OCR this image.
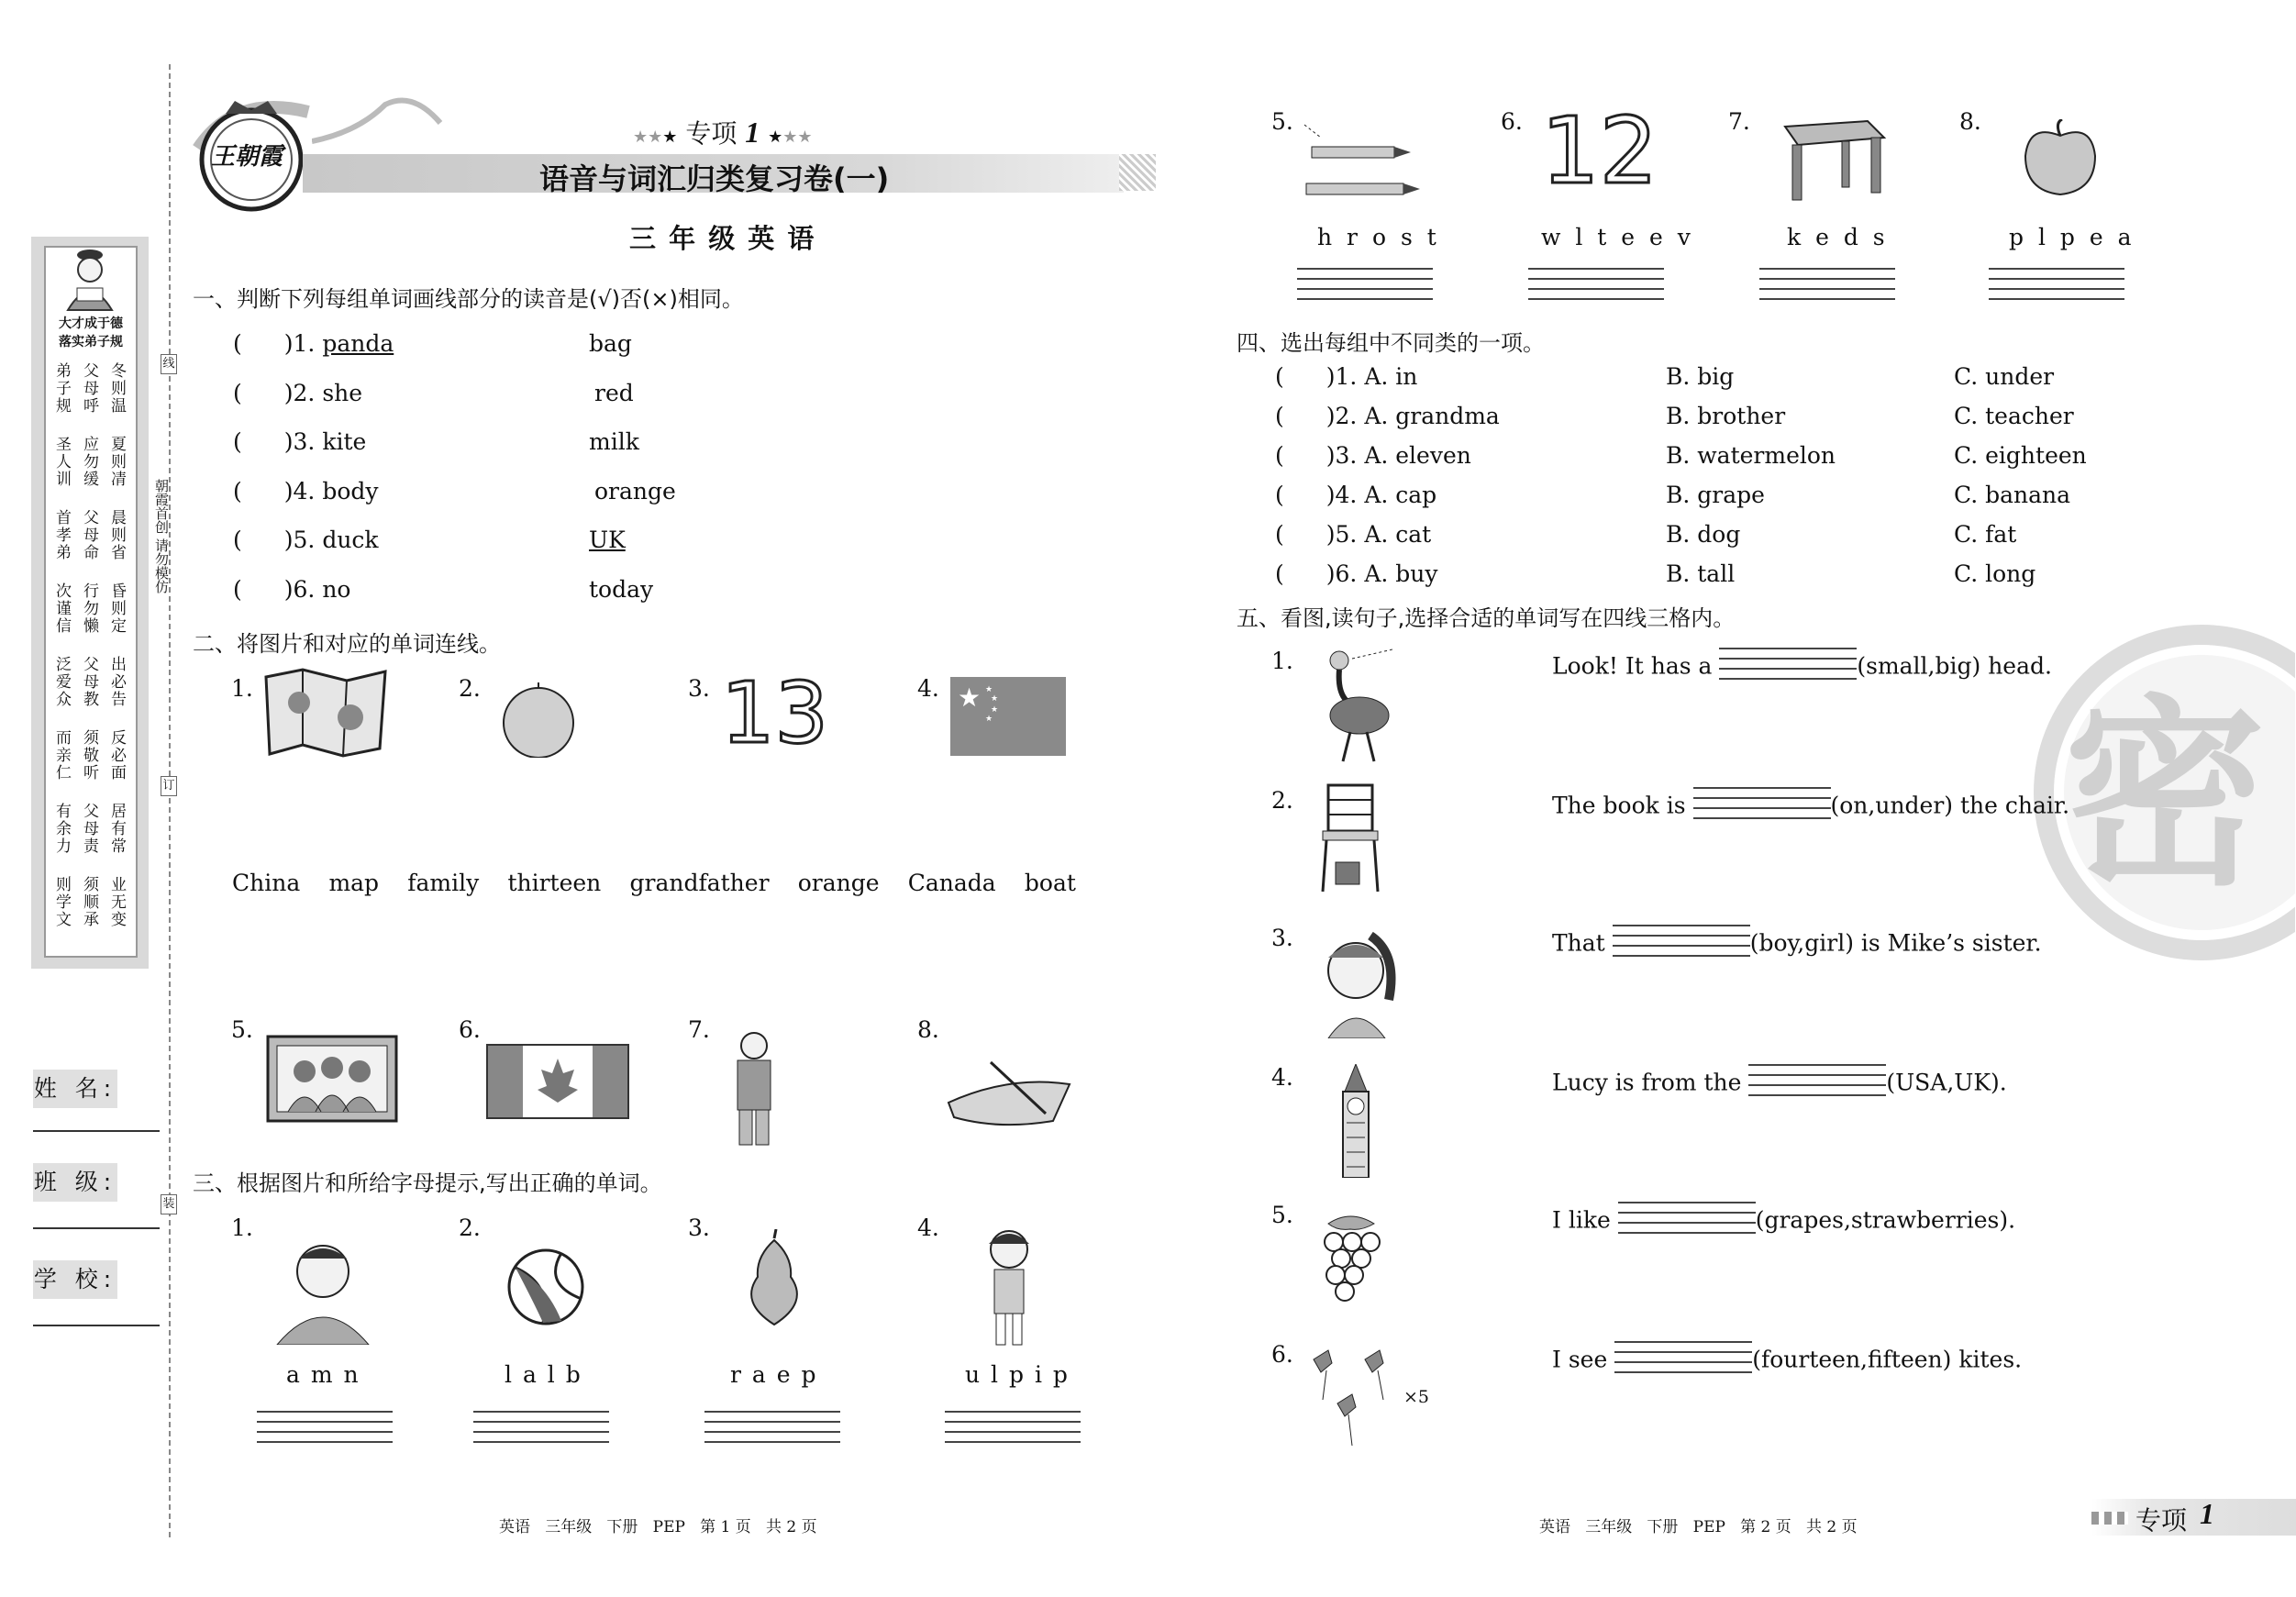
大才成于德
落实弟子规
冬则温
父母呼
弟子规
夏则凊
应勿缓
圣人训
晨则省
父母命
首孝弟
昏则定
行勿懒
次谨信
出必告
父母教
泛爱众
反必面
须敬听
而亲仁
居有常
父母责
有余力
业无变
须顺承
则学文
线
朝霞首创 请勿模仿
订
装
姓 名:
班 级:
学 校:
王朝霞
★★★ 专项 1 ★★★
语音与词汇归类复习卷(一)
三 年 级 英 语
一、判断下列每组单词画线部分的读音是(√)否(×)相同。
( )1. panda	bag
( )2. she	red
( )3. kite	milk
( )4. body	orange
( )5. duck	UK
( )6. no	today
二、将图片和对应的单词连线。
1.	2.	3.	4.
13	★ ★
★
★
★
China map family thirteen grandfather orange Canada boat
5.	6.	7.	8.
三、根据图片和所给字母提示,写出正确的单词。
1.	2.	3.	4.
a m n	l a l b	r a e p	u l p i p
英语   三年级   下册   PEP   第 1 页   共 2 页
5.	6.	7.	8.
12
h r o s t	w l t e e v	k e d s	p l p e a
四、选出每组中不同类的一项。
( )1. A. in	B. big	C. under
( )2. A. grandma	B. brother	C. teacher
( )3. A. eleven	B. watermelon	C. eighteen
( )4. A. cap	B. grape	C. banana
( )5. A. cat	B. dog	C. fat
( )6. A. buy	B. tall	C. long
五、看图,读句子,选择合适的单词写在四线三格内。
密
1.	Look! It has a	(small,big) head.
2.	The book is	(on,under) the chair.
3.	That	(boy,girl) is Mike’s sister.
4.	Lucy is from the	(USA,UK).
5.	I like	(grapes,strawberries).
6.
×5
I see	(fourteen,fifteen) kites.
英语   三年级   下册   PEP   第 2 页   共 2 页	专项 1
